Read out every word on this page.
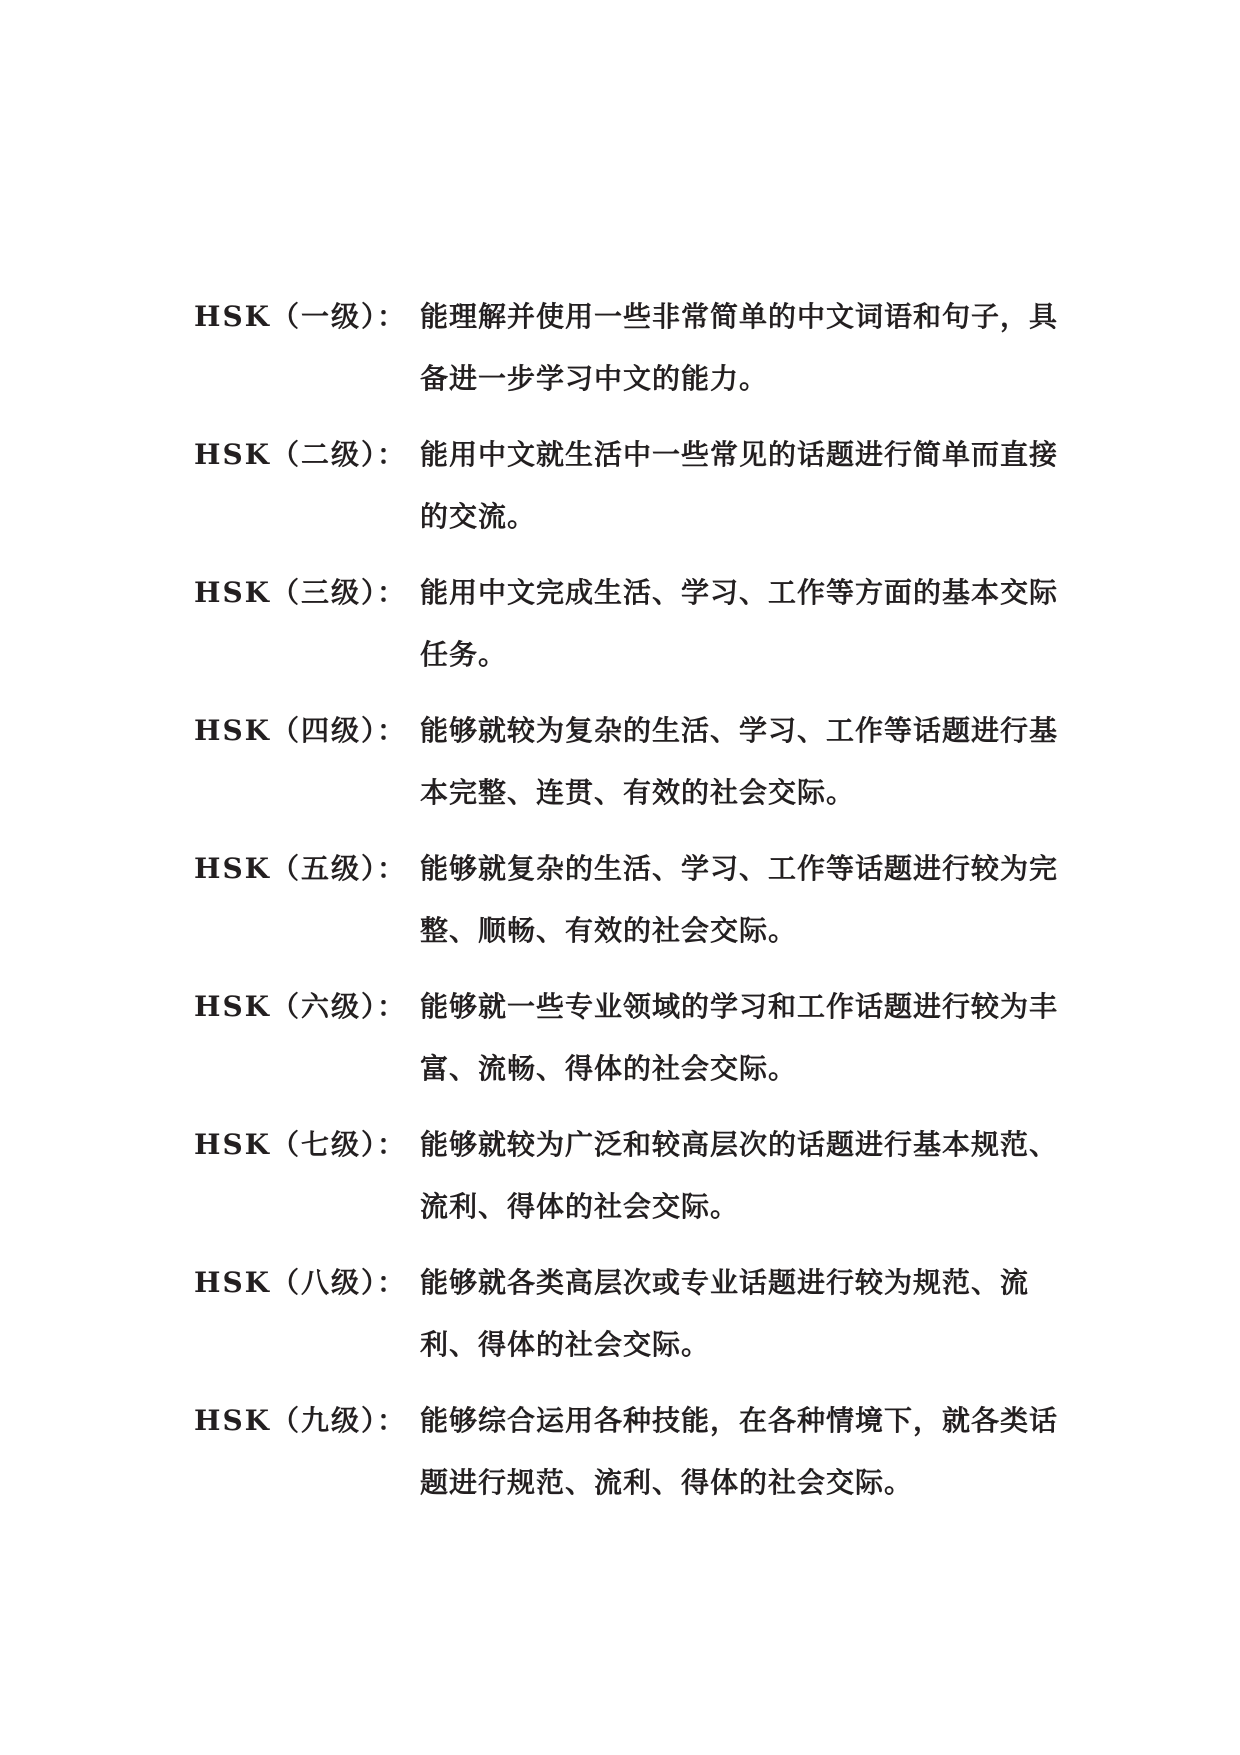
HSK（一级）： 能理解并使用一些非常简单的中文词语和句子，具备进一步学习中文的能力。
HSK（二级）： 能用中文就生活中一些常见的话题进行简单而直接的交流。
HSK（三级）： 能用中文完成生活、学习、工作等方面的基本交际任务。
HSK（四级）： 能够就较为复杂的生活、学习、工作等话题进行基本完整、连贯、有效的社会交际。
HSK（五级）： 能够就复杂的生活、学习、工作等话题进行较为完整、顺畅、有效的社会交际。
HSK（六级）： 能够就一些专业领域的学习和工作话题进行较为丰富、流畅、得体的社会交际。
HSK（七级）： 能够就较为广泛和较高层次的话题进行基本规范、流利、得体的社会交际。
HSK（八级）： 能够就各类高层次或专业话题进行较为规范、流利、得体的社会交际。
HSK（九级）： 能够综合运用各种技能，在各种情境下，就各类话题进行规范、流利、得体的社会交际。
